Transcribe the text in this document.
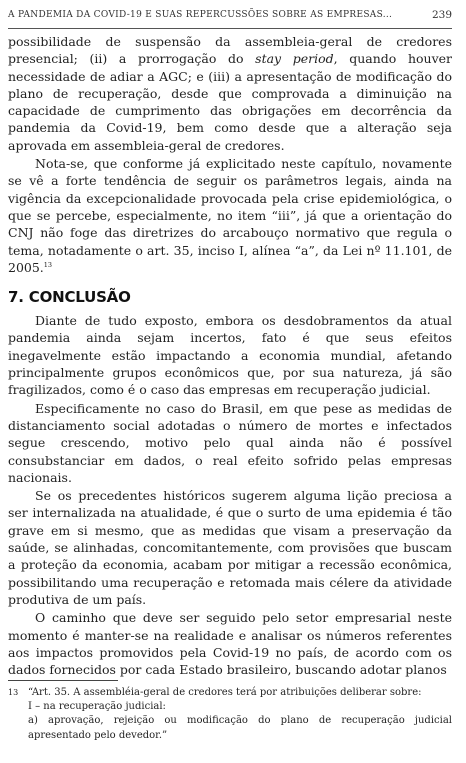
A PANDEMIA DA COVID-19 E SUAS REPERCUSSÕES SOBRE AS EMPRESAS...	239

possibilidade de suspensão da assembleia-geral de credores presencial; (ii) a prorrogação do stay period, quando houver necessidade de adiar a AGC; e (iii) a apresentação de modificação do plano de recuperação, desde que comprovada a diminuição na capacidade de cumprimento das obrigações em decorrência da pandemia da Covid-19, bem como desde que a alteração seja aprovada em assembleia-geral de credores.

Nota-se, que conforme já explicitado neste capítulo, novamente se vê a forte tendência de seguir os parâmetros legais, ainda na vigência da excepcionalidade provocada pela crise epidemiológica, o que se percebe, especialmente, no item “iii”, já que a orientação do CNJ não foge das diretrizes do arcabouço normativo que regula o tema, notadamente o art. 35, inciso I, alínea “a”, da Lei nº 11.101, de 2005.13

7. CONCLUSÃO

Diante de tudo exposto, embora os desdobramentos da atual pandemia ainda sejam incertos, fato é que seus efeitos inegavelmente estão impactando a economia mundial, afetando principalmente grupos econômicos que, por sua natureza, já são fragilizados, como é o caso das empresas em recuperação judicial.

Especificamente no caso do Brasil, em que pese as medidas de distanciamento social adotadas o número de mortes e infectados segue crescendo, motivo pelo qual ainda não é possível consubstanciar em dados, o real efeito sofrido pelas empresas nacionais.

Se os precedentes históricos sugerem alguma lição preciosa a ser internalizada na atualidade, é que o surto de uma epidemia é tão grave em si mesmo, que as medidas que visam a preservação da saúde, se alinhadas, concomitantemente, com provisões que buscam a proteção da economia, acabam por mitigar a recessão econômica, possibilitando uma recuperação e retomada mais célere da atividade produtiva de um país.

O caminho que deve ser seguido pelo setor empresarial neste momento é manter-se na realidade e analisar os números referentes aos impactos promovidos pela Covid-19 no país, de acordo com os dados fornecidos por cada Estado brasileiro, buscando adotar planos

13 “Art. 35. A assembléia-geral de credores terá por atribuições deliberar sobre:

I – na recuperação judicial:

a) aprovação, rejeição ou modificação do plano de recuperação judicial apresentado pelo devedor.”
